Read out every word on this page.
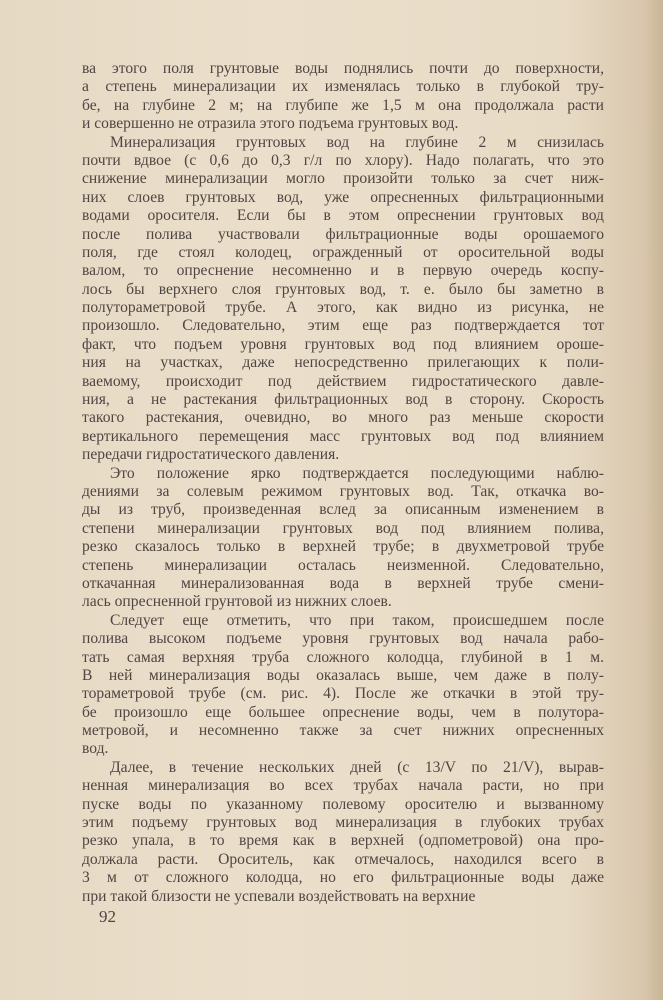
ва этого поля грунтовые воды поднялись почти до поверхности,
а степень минерализации их изменялась только в глубокой тру-
бе, на глубине 2 м; на глубипе же 1,5 м она продолжала расти
и совершенно не отразила этого подъема грунтовых вод.
Минерализация грунтовых вод на глубине 2 м снизилась
почти вдвое (с 0,6 до 0,3 г/л по хлору). Надо полагать, что это
снижение минерализации могло произойти только за счет ниж-
них слоев грунтовых вод, уже опресненных фильтрационными
водами оросителя. Если бы в этом опреснении грунтовых вод
после полива участвовали фильтрационные воды орошаемого
поля, где стоял колодец, огражденный от оросительной воды
валом, то опреснение несомненно и в первую очередь коспу-
лось бы верхнего слоя грунтовых вод, т. е. было бы заметно в
полутораметровой трубе. А этого, как видно из рисунка, не
произошло. Следовательно, этим еще раз подтверждается тот
факт, что подъем уровня грунтовых вод под влиянием ороше-
ния на участках, даже непосредственно прилегающих к поли-
ваемому, происходит под действием гидростатического давле-
ния, а не растекания фильтрационных вод в сторону. Скорость
такого растекания, очевидно, во много раз меньше скорости
вертикального перемещения масс грунтовых вод под влиянием
передачи гидростатического давления.
Это положение ярко подтверждается последующими наблю-
дениями за солевым режимом грунтовых вод. Так, откачка во-
ды из труб, произведенная вслед за описанным изменением в
степени минерализации грунтовых вод под влиянием полива,
резко сказалось только в верхней трубе; в двухметровой трубе
степень минерализации осталась неизменной. Следовательно,
откачанная минерализованная вода в верхней трубе смени-
лась опресненной грунтовой из нижних слоев.
Следует еще отметить, что при таком, происшедшем после
полива высоком подъеме уровня грунтовых вод начала рабо-
тать самая верхняя труба сложного колодца, глубиной в 1 м.
В ней минерализация воды оказалась выше, чем даже в полу-
тораметровой трубе (см. рис. 4). После же откачки в этой тру-
бе произошло еще большее опреснение воды, чем в полутора-
метровой, и несомненно также за счет нижних опресненных
вод.
Далее, в течение нескольких дней (с 13/V по 21/V), вырав-
ненная минерализация во всех трубах начала расти, но при
пуске воды по указанному полевому оросителю и вызванному
этим подъему грунтовых вод минерализация в глубоких трубах
резко упала, в то время как в верхней (одпометровой) она про-
должала расти. Ороситель, как отмечалось, находился всего в
3 м от сложного колодца, но его фильтрационные воды даже
при такой близости не успевали воздействовать на верхние
92
